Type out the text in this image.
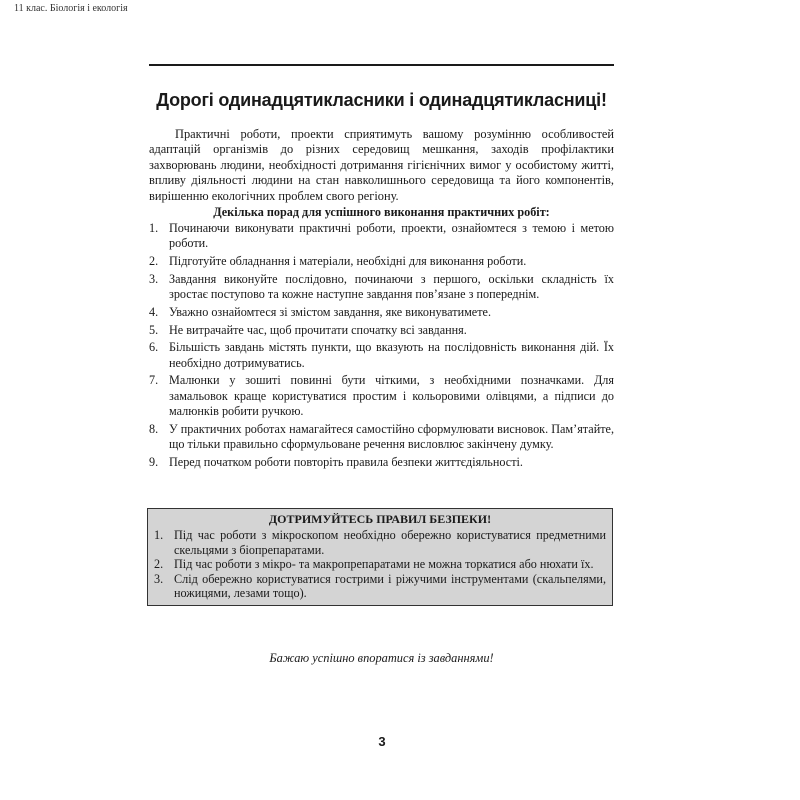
11 клас. Біологія і екологія
Дорогі одинадцятикласники і одинадцятикласниці!

Практичні роботи, проекти сприятимуть вашому розумінню особливостей адаптацій організмів до різних середовищ мешкання, заходів профілактики захворювань людини, необхідності дотримання гігієнічних вимог у особистому житті, впливу діяльності людини на стан навколишнього середовища та його компонентів, вирішенню екологічних проблем свого регіону.

Декілька порад для успішного виконання практичних робіт:

1. Починаючи виконувати практичні роботи, проекти, ознайомтеся з темою і метою роботи.
2. Підготуйте обладнання і матеріали, необхідні для виконання роботи.
3. Завдання виконуйте послідовно, починаючи з першого, оскільки складність їх зростає поступово та кожне наступне завдання пов’язане з попереднім.
4. Уважно ознайомтеся зі змістом завдання, яке виконуватимете.
5. Не витрачайте час, щоб прочитати спочатку всі завдання.
6. Більшість завдань містять пункти, що вказують на послідовність виконання дій. Їх необхідно дотримуватись.
7. Малюнки у зошиті повинні бути чіткими, з необхідними позначками. Для замальовок краще користуватися простим і кольоровими олівцями, а підписи до малюнків робити ручкою.
8. У практичних роботах намагайтеся самостійно сформулювати висновок. Пам’ятайте, що тільки правильно сформульоване речення висловлює закінчену думку.
9. Перед початком роботи повторіть правила безпеки життєдіяльності.

ДОТРИМУЙТЕСЬ ПРАВИЛ БЕЗПЕКИ!

1. Під час роботи з мікроскопом необхідно обережно користуватися предметними скельцями з біопрепаратами.
2. Під час роботи з мікро- та макропрепаратами не можна торкатися або нюхати їх.
3. Слід обережно користуватися гострими і ріжучими інструментами (скальпелями, ножицями, лезами тощо).

Бажаю успішно впоратися із завданнями!

3
